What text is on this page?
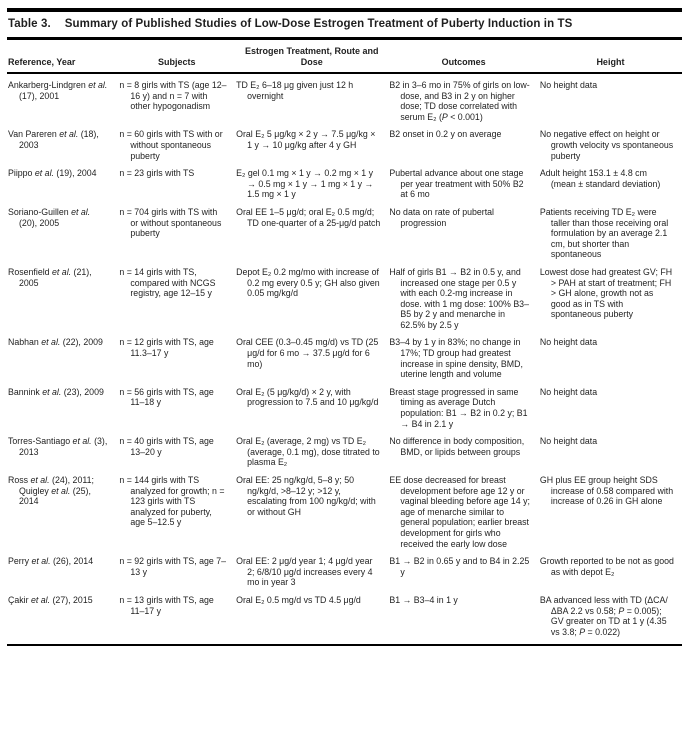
Table 3. Summary of Published Studies of Low-Dose Estrogen Treatment of Puberty Induction in TS
Reference, Year	Subjects	Estrogen Treatment, Route and Dose	Outcomes	Height

Ankarberg-Lindgren et al. (17), 2001	n = 8 girls with TS (age 12–16 y) and n = 7 with other hypogonadism	TD E₂ 6–18 μg given just 12 h overnight	B2 in 3–6 mo in 75% of girls on low-dose, and B3 in 2 y on higher dose; TD dose correlated with serum E₂ (P < 0.001)	No height data

Van Pareren et al. (18), 2003	n = 60 girls with TS with or without spontaneous puberty	Oral E₂ 5 μg/kg × 2 y → 7.5 μg/kg × 1 y → 10 μg/kg after 4 y GH	B2 onset in 0.2 y on average	No negative effect on height or growth velocity vs spontaneous puberty

Piippo et al. (19), 2004	n = 23 girls with TS	E₂ gel 0.1 mg × 1 y → 0.2 mg × 1 y → 0.5 mg × 1 y → 1 mg × 1 y → 1.5 mg × 1 y	Pubertal advance about one stage per year treatment with 50% B2 at 6 mo	Adult height 153.1 ± 4.8 cm (mean ± standard deviation)

Soriano-Guillen et al. (20), 2005	n = 704 girls with TS with or without spontaneous puberty	Oral EE 1–5 μg/d; oral E₂ 0.5 mg/d; TD one-quarter of a 25-μg/d patch	No data on rate of pubertal progression	Patients receiving TD E₂ were taller than those receiving oral formulation by an average 2.1 cm, but shorter than spontaneous

Rosenfield et al. (21), 2005	n = 14 girls with TS, compared with NCGS registry, age 12–15 y	Depot E₂ 0.2 mg/mo with increase of 0.2 mg every 0.5 y; GH also given 0.05 mg/kg/d	Half of girls B1 → B2 in 0.5 y, and increased one stage per 0.5 y with each 0.2-mg increase in dose. with 1 mg dose: 100% B3–B5 by 2 y and menarche in 62.5% by 2.5 y	Lowest dose had greatest GV; FH > PAH at start of treatment; FH > GH alone, growth not as good as in TS with spontaneous puberty

Nabhan et al. (22), 2009	n = 12 girls with TS, age 11.3–17 y	Oral CEE (0.3–0.45 mg/d) vs TD (25 μg/d for 6 mo → 37.5 μg/d for 6 mo)	B3–4 by 1 y in 83%; no change in 17%; TD group had greatest increase in spine density, BMD, uterine length and volume	No height data

Bannink et al. (23), 2009	n = 56 girls with TS, age 11–18 y	Oral E₂ (5 μg/kg/d) × 2 y, with progression to 7.5 and 10 μg/kg/d	Breast stage progressed in same timing as average Dutch population: B1 → B2 in 0.2 y; B1 → B4 in 2.1 y	No height data

Torres-Santiago et al. (3), 2013	n = 40 girls with TS, age 13–20 y	Oral E₂ (average, 2 mg) vs TD E₂ (average, 0.1 mg), dose titrated to plasma E₂	No difference in body composition, BMD, or lipids between groups	No height data

Ross et al. (24), 2011; Quigley et al. (25), 2014	n = 144 girls with TS analyzed for growth; n = 123 girls with TS analyzed for puberty, age 5–12.5 y	Oral EE: 25 ng/kg/d, 5–8 y; 50 ng/kg/d, >8–12 y; >12 y, escalating from 100 ng/kg/d; with or without GH	EE dose decreased for breast development before age 12 y or vaginal bleeding before age 14 y; age of menarche similar to general population; earlier breast development for girls who received the early low dose	GH plus EE group height SDS increase of 0.58 compared with increase of 0.26 in GH alone

Perry et al. (26), 2014	n = 92 girls with TS, age 7–13 y	Oral EE: 2 μg/d year 1; 4 μg/d year 2; 6/8/10 μg/d increases every 4 mo in year 3	B1 → B2 in 0.65 y and to B4 in 2.25 y	Growth reported to be not as good as with depot E₂

Çakir et al. (27), 2015	n = 13 girls with TS, age 11–17 y	Oral E₂ 0.5 mg/d vs TD 4.5 μg/d	B1 → B3–4 in 1 y	BA advanced less with TD (ΔCA/ΔBA 2.2 vs 0.58; P = 0.005); GV greater on TD at 1 y (4.35 vs 3.8; P = 0.022)
